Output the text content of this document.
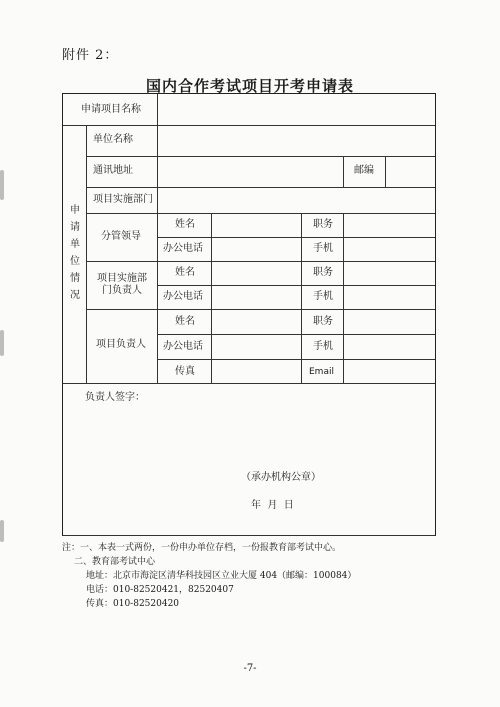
附件 2：
国内合作考试项目开考申请表
申请项目名称
申请单位情况
单位名称
通讯地址	邮编
项目实施部门
分管领导
姓名	职务
办公电话	手机
项目实施部门负责人
姓名	职务
办公电话	手机
项目负责人
姓名	职务
办公电话	手机
传真	Email
负责人签字：
（承办机构公章）
年  月  日
注：一、本表一式两份，一份申办单位存档，一份报教育部考试中心。
二、教育部考试中心
地址：北京市海淀区清华科技园区立业大厦 404（邮编：100084）
电话：010-82520421，82520407
传真：010-82520420
-7-
